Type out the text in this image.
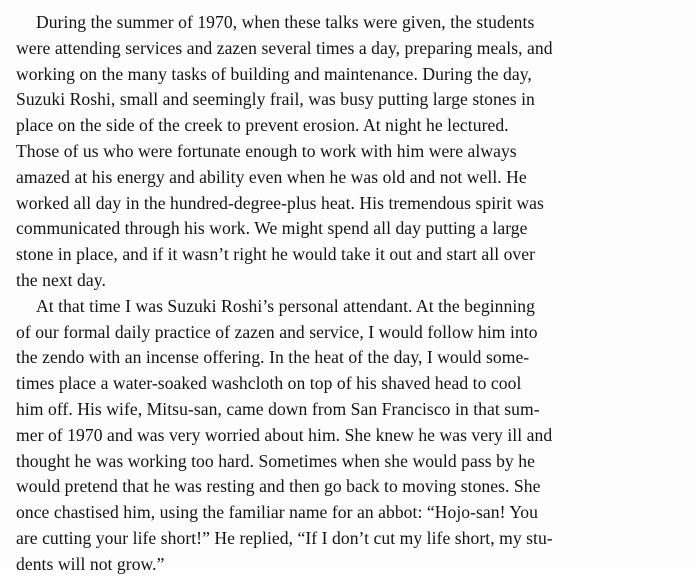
During the summer of 1970, when these talks were given, the students
were attending services and zazen several times a day, preparing meals, and
working on the many tasks of building and maintenance. During the day,
Suzuki Roshi, small and seemingly frail, was busy putting large stones in
place on the side of the creek to prevent erosion. At night he lectured.
Those of us who were fortunate enough to work with him were always
amazed at his energy and ability even when he was old and not well. He
worked all day in the hundred-degree-plus heat. His tremendous spirit was
communicated through his work. We might spend all day putting a large
stone in place, and if it wasn’t right he would take it out and start all over
the next day.
At that time I was Suzuki Roshi’s personal attendant. At the beginning
of our formal daily practice of zazen and service, I would follow him into
the zendo with an incense offering. In the heat of the day, I would some-
times place a water-soaked washcloth on top of his shaved head to cool
him off. His wife, Mitsu-san, came down from San Francisco in that sum-
mer of 1970 and was very worried about him. She knew he was very ill and
thought he was working too hard. Sometimes when she would pass by he
would pretend that he was resting and then go back to moving stones. She
once chastised him, using the familiar name for an abbot: “Hojo-san! You
are cutting your life short!” He replied, “If I don’t cut my life short, my stu-
dents will not grow.”
